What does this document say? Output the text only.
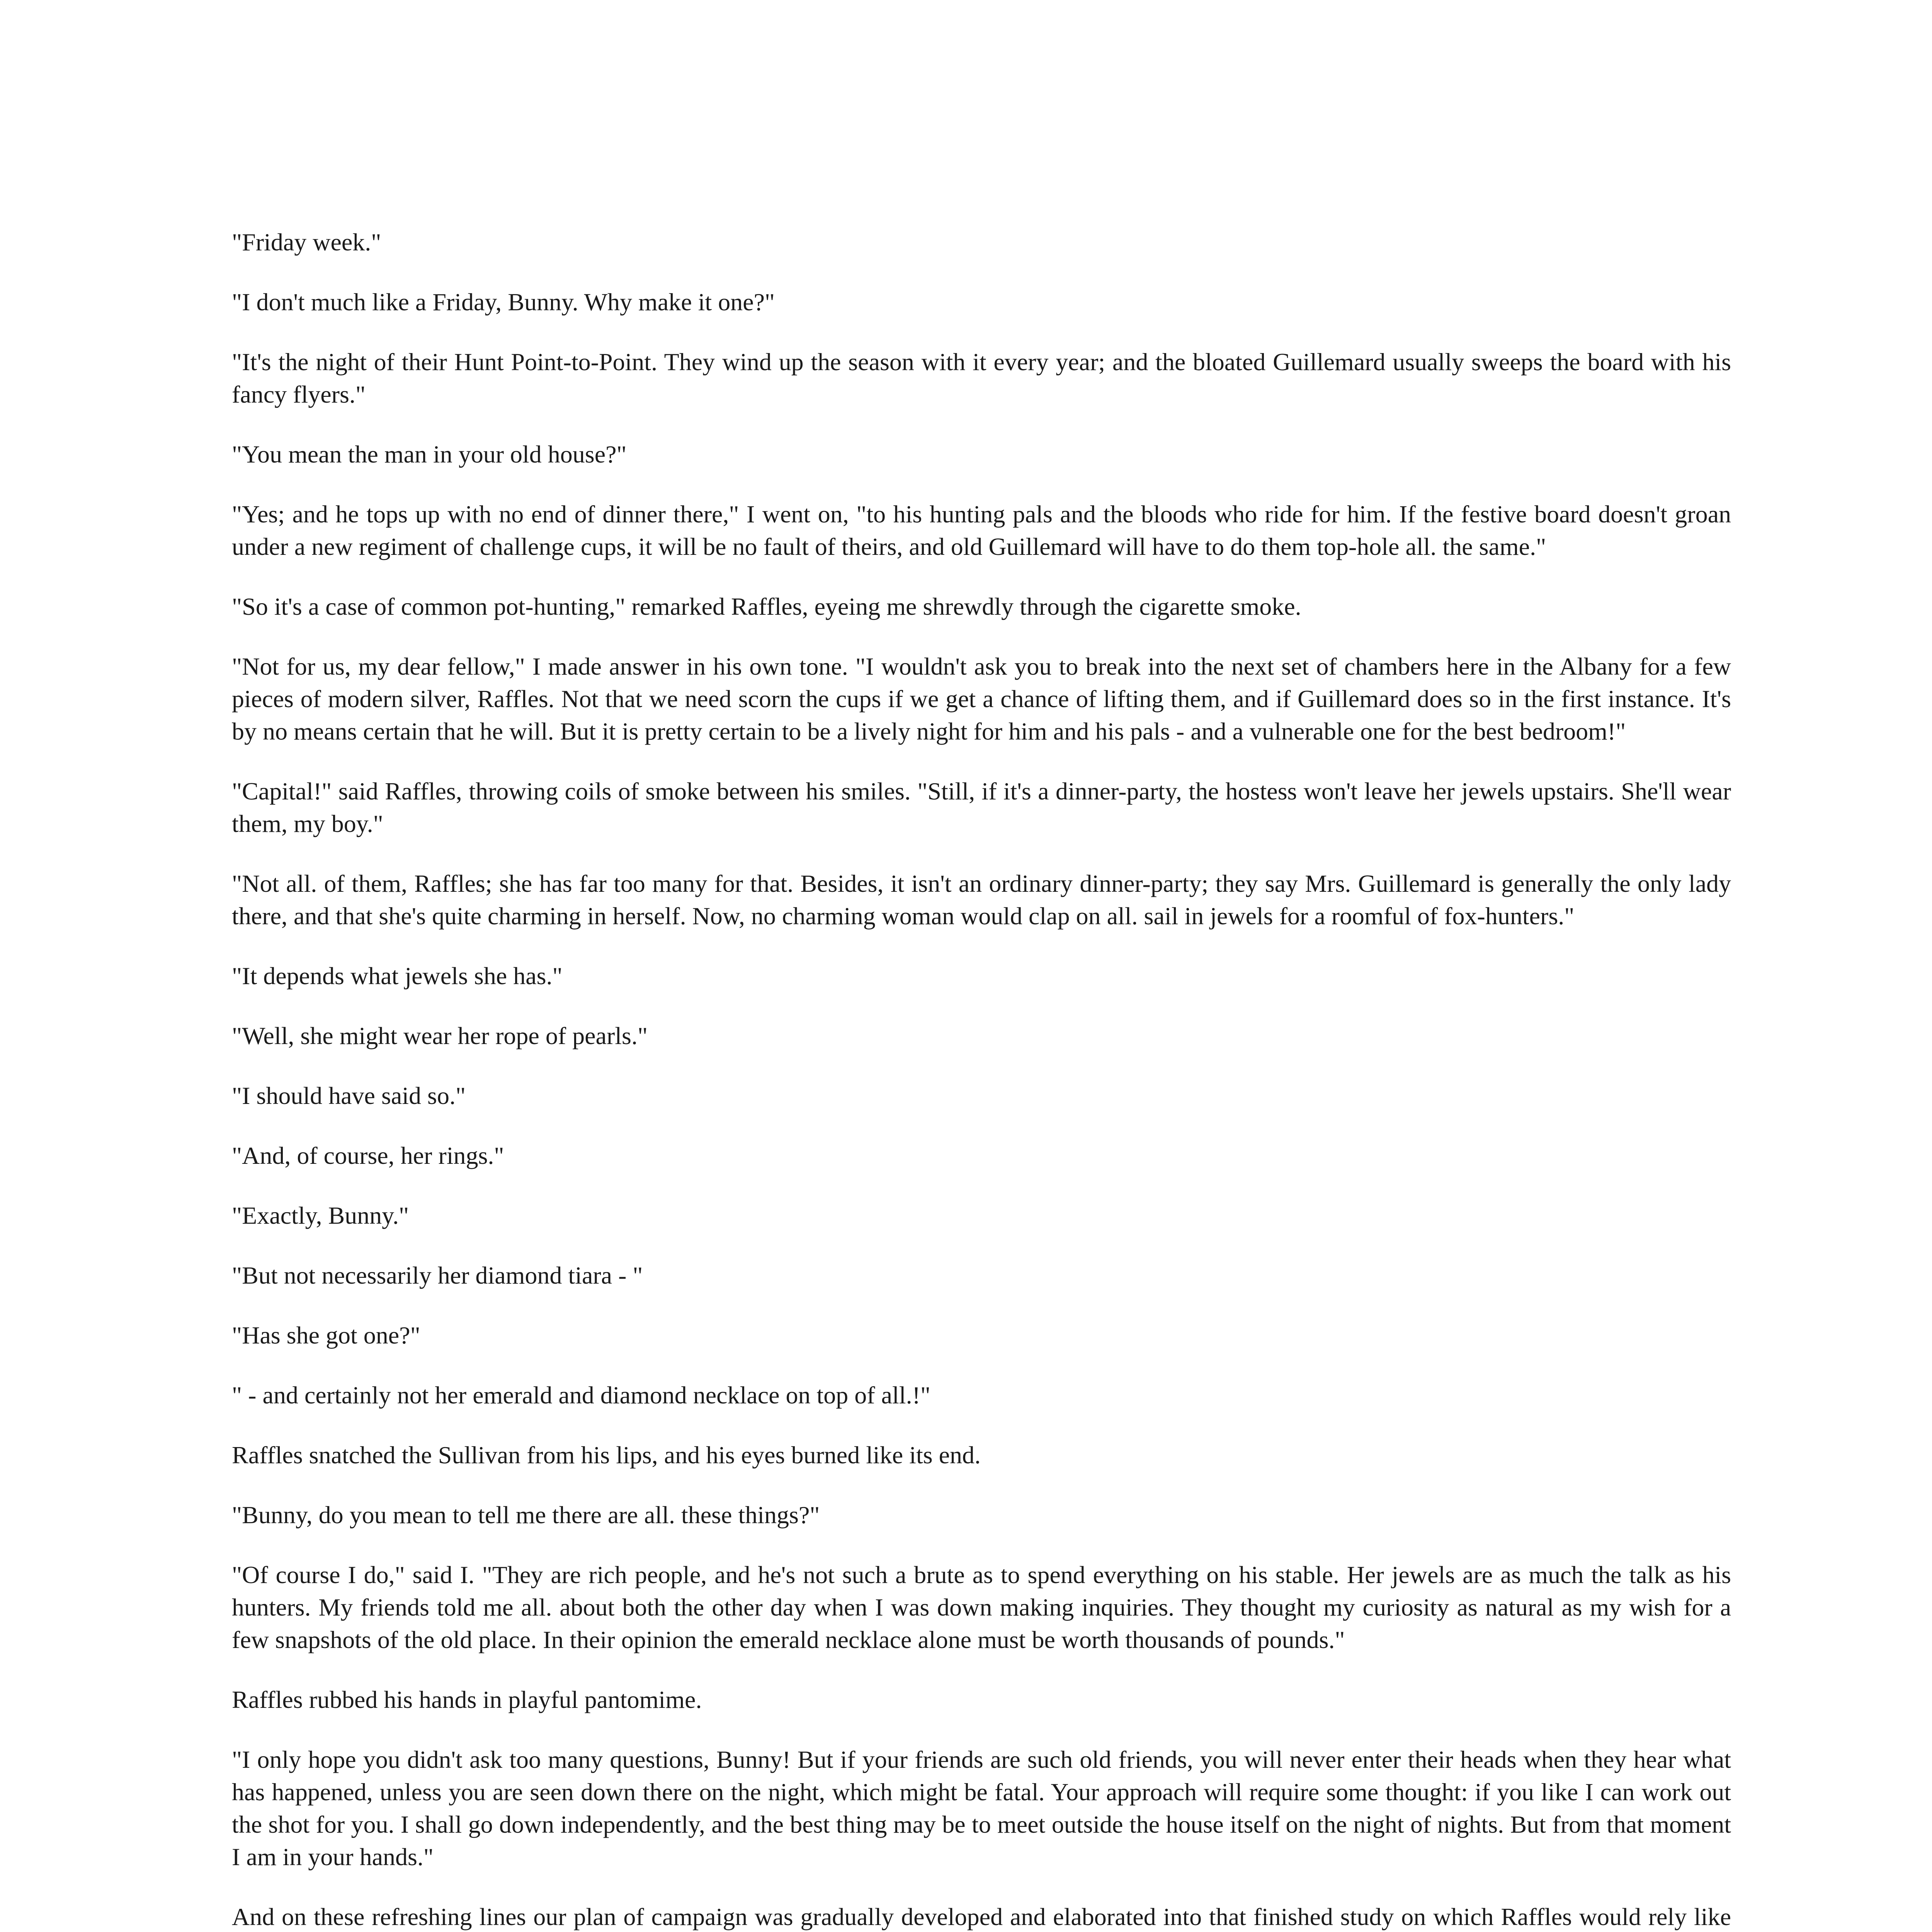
"Friday week."

"I don't much like a Friday, Bunny. Why make it one?"

"It's the night of their Hunt Point-to-Point. They wind up the season with it every year; and the bloated Guillemard usually sweeps the board with his fancy flyers."

"You mean the man in your old house?"

"Yes; and he tops up with no end of dinner there," I went on, "to his hunting pals and the bloods who ride for him. If the festive board doesn't groan under a new regiment of challenge cups, it will be no fault of theirs, and old Guillemard will have to do them top-hole all. the same."

"So it's a case of common pot-hunting," remarked Raffles, eyeing me shrewdly through the cigarette smoke.

"Not for us, my dear fellow," I made answer in his own tone. "I wouldn't ask you to break into the next set of chambers here in the Albany for a few pieces of modern silver, Raffles. Not that we need scorn the cups if we get a chance of lifting them, and if Guillemard does so in the first instance. It's by no means certain that he will. But it is pretty certain to be a lively night for him and his pals - and a vulnerable one for the best bedroom!"

"Capital!" said Raffles, throwing coils of smoke between his smiles. "Still, if it's a dinner-party, the hostess won't leave her jewels upstairs. She'll wear them, my boy."

"Not all. of them, Raffles; she has far too many for that. Besides, it isn't an ordinary dinner-party; they say Mrs. Guillemard is generally the only lady there, and that she's quite charming in herself. Now, no charming woman would clap on all. sail in jewels for a roomful of fox-hunters."

"It depends what jewels she has."

"Well, she might wear her rope of pearls."

"I should have said so."

"And, of course, her rings."

"Exactly, Bunny."

"But not necessarily her diamond tiara - "

"Has she got one?"

" - and certainly not her emerald and diamond necklace on top of all.!"

Raffles snatched the Sullivan from his lips, and his eyes burned like its end.

"Bunny, do you mean to tell me there are all. these things?"

"Of course I do," said I. "They are rich people, and he's not such a brute as to spend everything on his stable. Her jewels are as much the talk as his hunters. My friends told me all. about both the other day when I was down making inquiries. They thought my curiosity as natural as my wish for a few snapshots of the old place. In their opinion the emerald necklace alone must be worth thousands of pounds."

Raffles rubbed his hands in playful pantomime.

"I only hope you didn't ask too many questions, Bunny! But if your friends are such old friends, you will never enter their heads when they hear what has happened, unless you are seen down there on the night, which might be fatal. Your approach will require some thought: if you like I can work out the shot for you. I shall go down independently, and the best thing may be to meet outside the house itself on the night of nights. But from that moment I am in your hands."

And on these refreshing lines our plan of campaign was gradually developed and elaborated into that finished study on which Raffles would rely like
